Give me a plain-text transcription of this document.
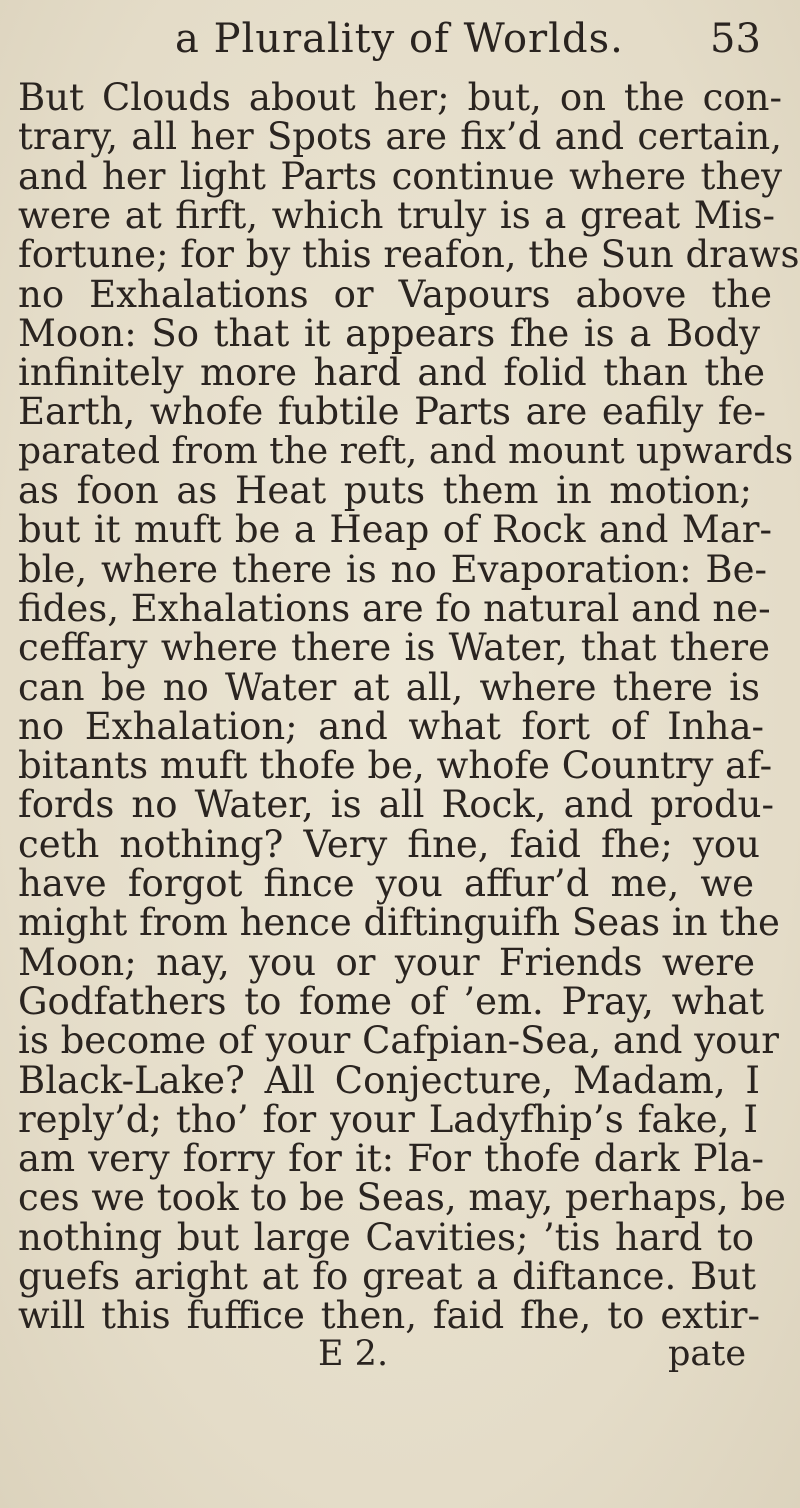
a Plurality of Worlds. 53
But Clouds about her; but, on the con-
trary, all her Spots are fix’d and certain,
and her light Parts continue where they
were at firft, which truly is a great Mis-
fortune; for by this reafon, the Sun draws
no Exhalations or Vapours above the
Moon: So that it appears fhe is a Body
infinitely more hard and folid than the
Earth, whofe fubtile Parts are eafily fe-
parated from the reft, and mount upwards
as foon as Heat puts them in motion;
but it muft be a Heap of Rock and Mar-
ble, where there is no Evaporation: Be-
fides, Exhalations are fo natural and ne-
ceffary where there is Water, that there
can be no Water at all, where there is
no Exhalation; and what fort of Inha-
bitants muft thofe be, whofe Country af-
fords no Water, is all Rock, and produ-
ceth nothing? Very fine, faid fhe; you
have forgot fince you affur’d me, we
might from hence diftinguifh Seas in the
Moon; nay, you or your Friends were
Godfathers to fome of ’em. Pray, what
is become of your Cafpian-Sea, and your
Black-Lake? All Conjecture, Madam, I
reply’d; tho’ for your Ladyfhip’s fake, I
am very forry for it: For thofe dark Pla-
ces we took to be Seas, may, perhaps, be
nothing but large Cavities; ’tis hard to
guefs aright at fo great a diftance. But
will this fuffice then, faid fhe, to extir-
E 2.	pate
